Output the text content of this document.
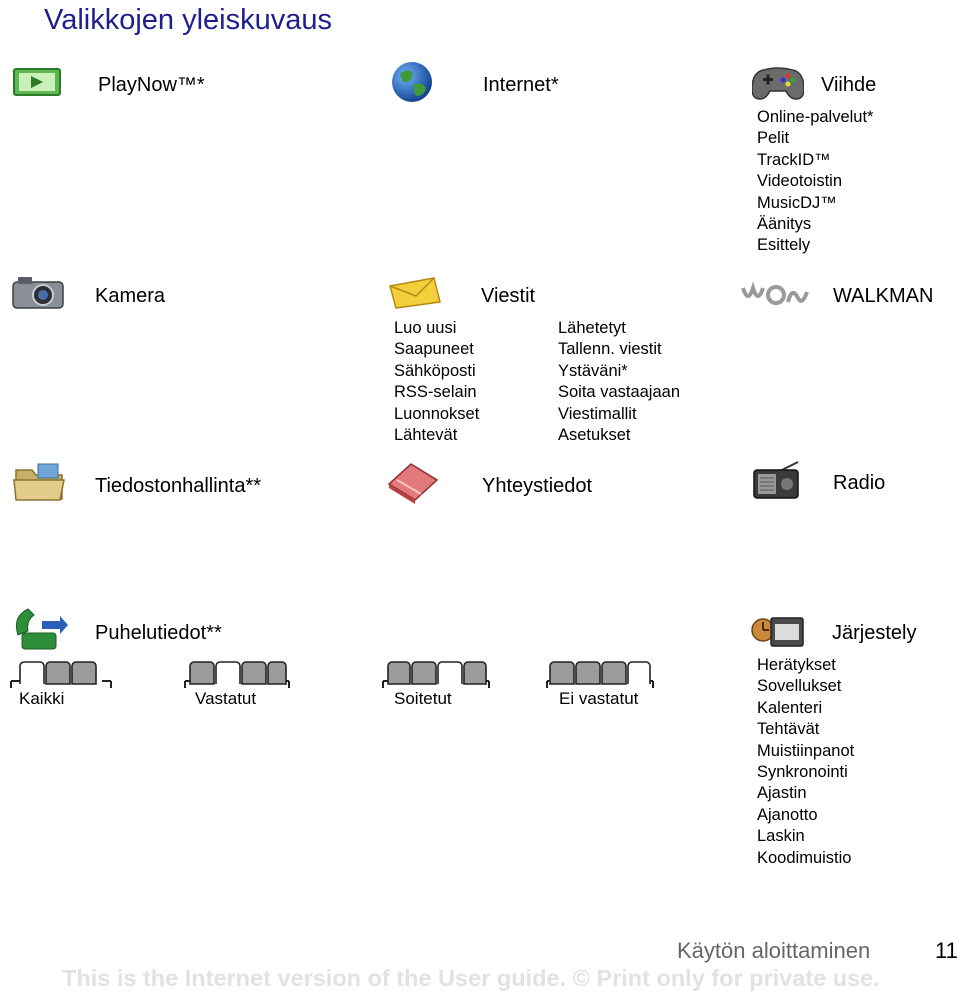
Valikkojen yleiskuvaus
PlayNow™*	Internet*	Viihde
Online-palvelut*
Pelit
TrackID™
Videotoistin
MusicDJ™
Äänitys
Esittely
Kamera	Viestit
Luo uusi
Saapuneet
Sähköposti
RSS-selain
Luonnokset
Lähtevät
Lähetetyt
Tallenn. viestit
Ystäväni*
Soita vastaajaan
Viestimallit
Asetukset
WALKMAN
Tiedostonhallinta**	Yhteystiedot	Radio
Puhelutiedot**	Järjestely
Kaikki	Vastatut	Soitetut	Ei vastatut
Herätykset
Sovellukset
Kalenteri
Tehtävät
Muistiinpanot
Synkronointi
Ajastin
Ajanotto
Laskin
Koodimuistio
Käytön aloittaminen	11
This is the Internet version of the User guide. © Print only for private use.
